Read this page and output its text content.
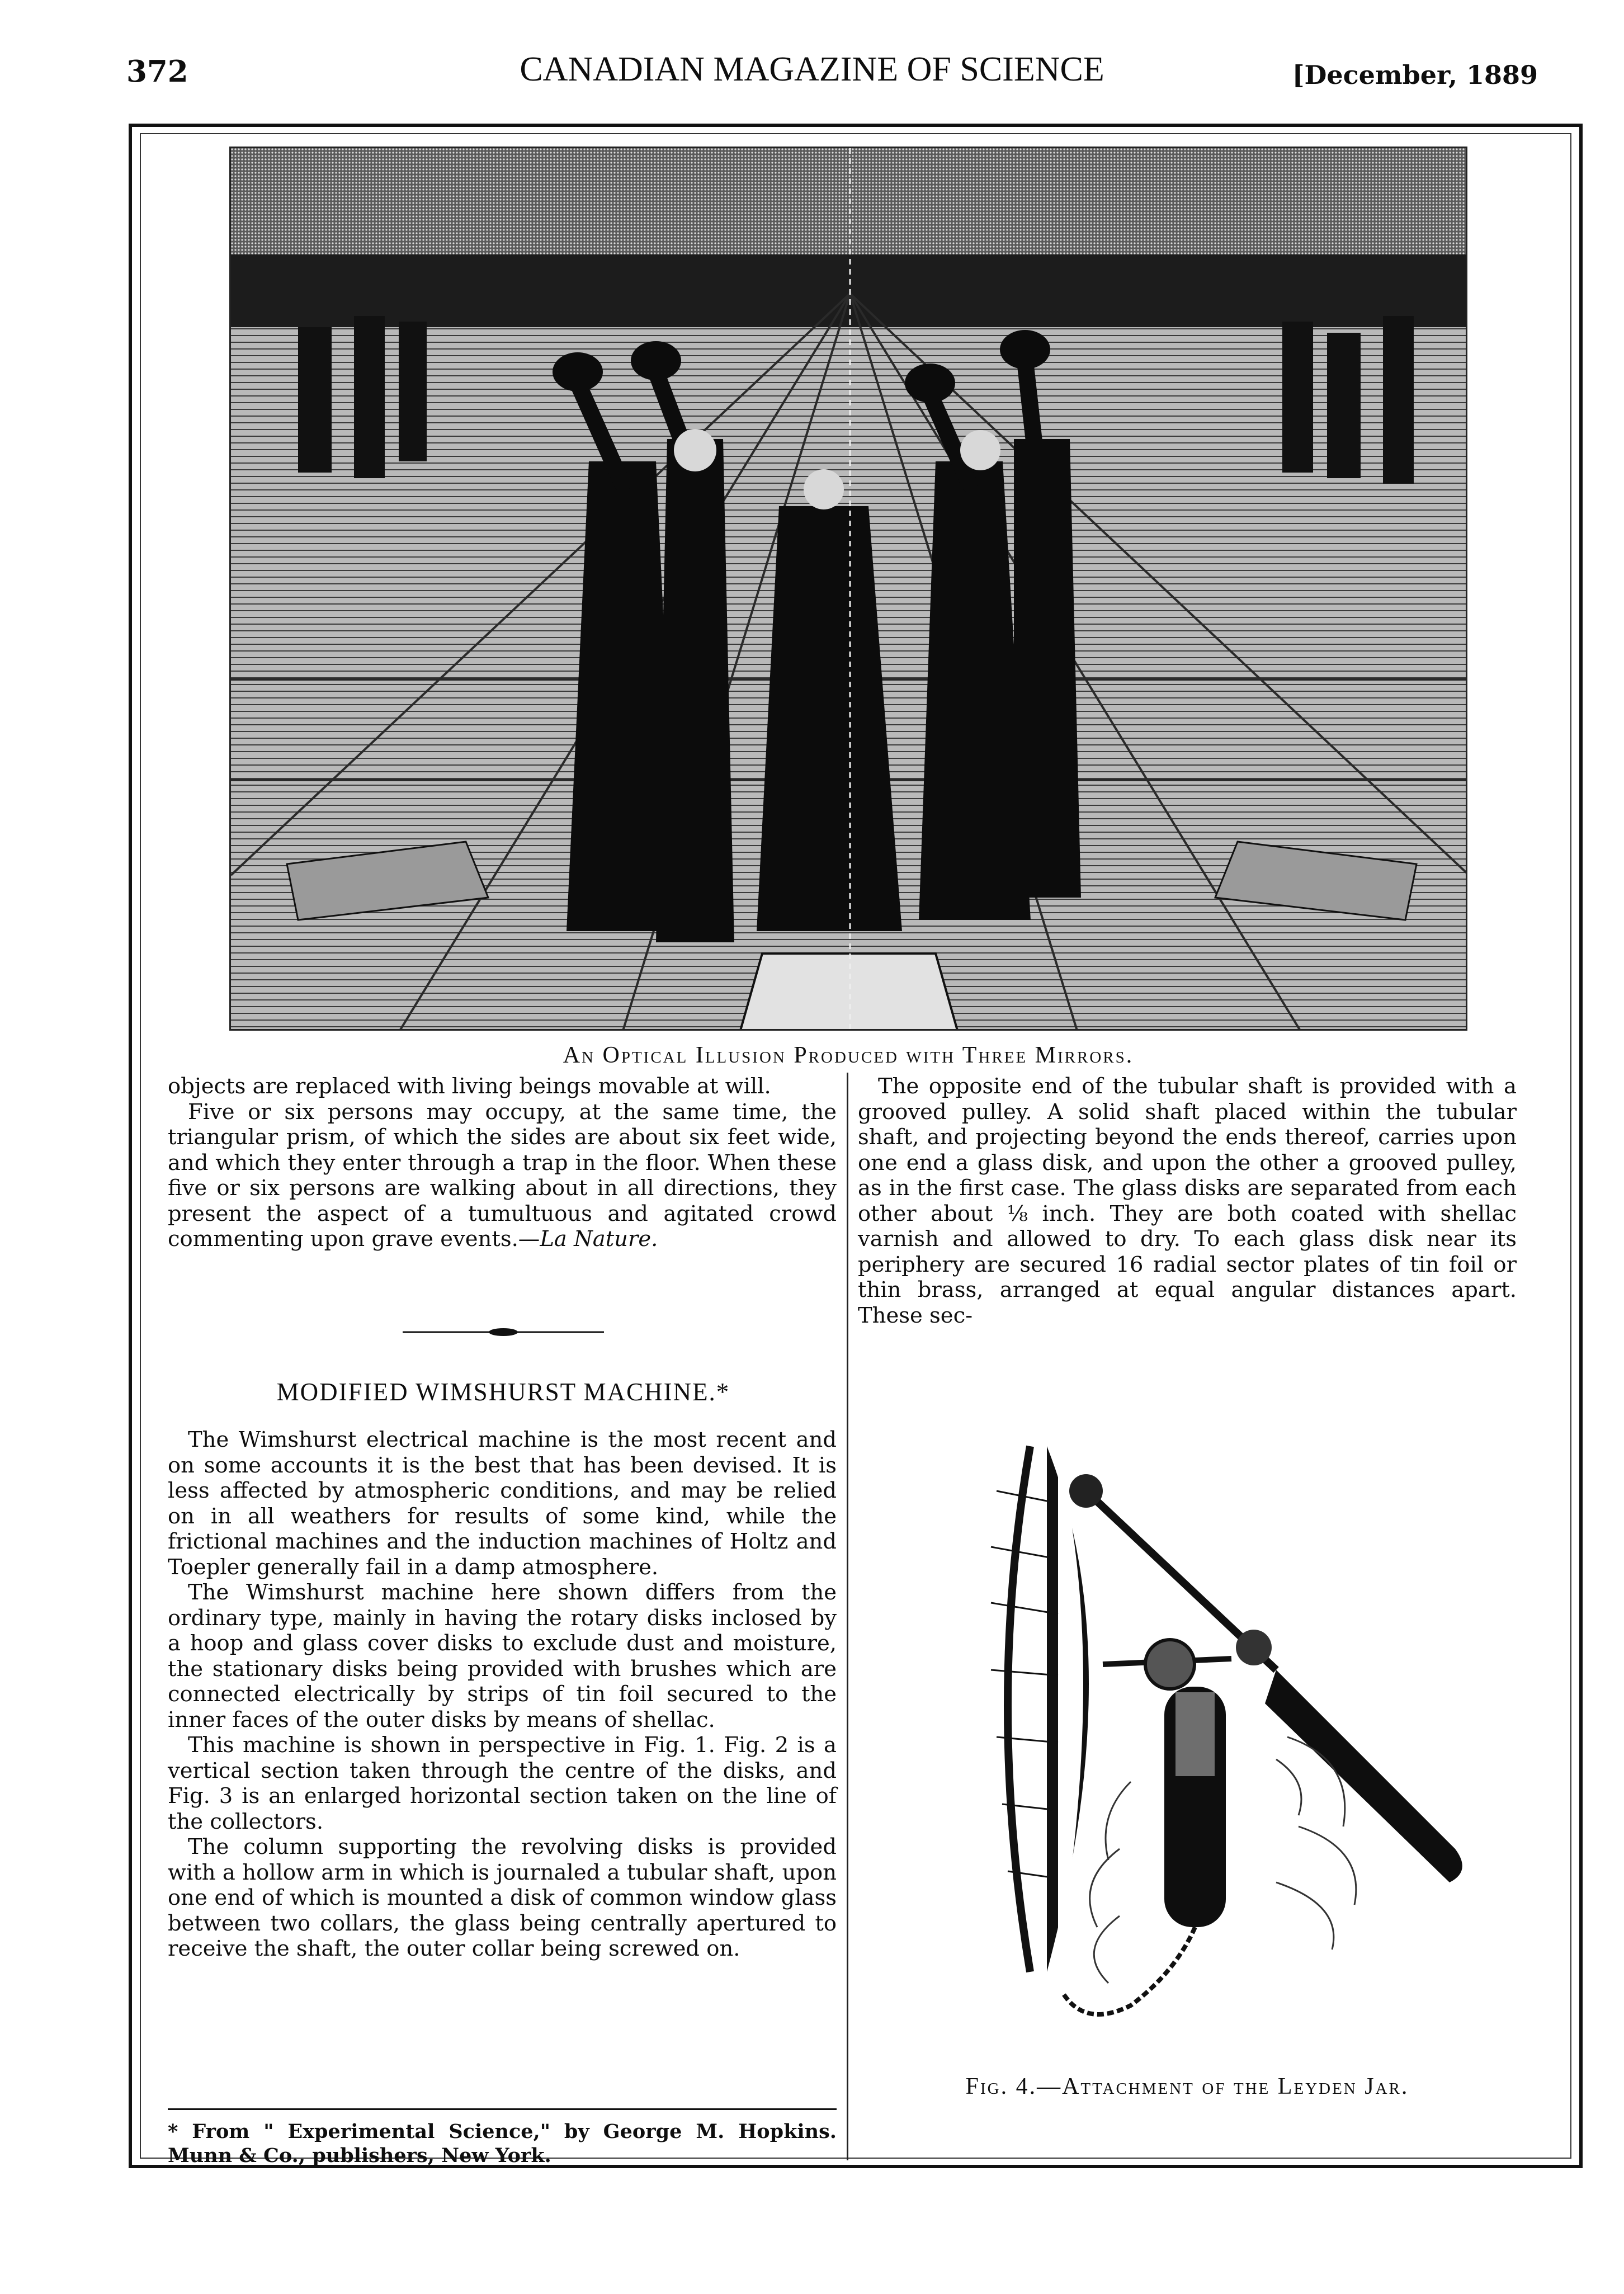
372	CANADIAN MAGAZINE OF SCIENCE	[December, 1889
An Optical Illusion Produced with Three Mirrors.

objects are replaced with living beings movable at will.

Five or six persons may occupy, at the same time, the triangular prism, of which the sides are about six feet wide, and which they enter through a trap in the floor. When these five or six persons are walking about in all directions, they present the aspect of a tumultuous and agitated crowd commenting upon grave events.—La Nature.

MODIFIED WIMSHURST MACHINE.*

The Wimshurst electrical machine is the most recent and on some accounts it is the best that has been devised. It is less affected by atmospheric conditions, and may be relied on in all weathers for results of some kind, while the frictional machines and the induction machines of Holtz and Toepler generally fail in a damp atmosphere.

The Wimshurst machine here shown differs from the ordinary type, mainly in having the rotary disks inclosed by a hoop and glass cover disks to exclude dust and moisture, the stationary disks being provided with brushes which are connected electrically by strips of tin foil secured to the inner faces of the outer disks by means of shellac.

This machine is shown in perspective in Fig. 1. Fig. 2 is a vertical section taken through the centre of the disks, and Fig. 3 is an enlarged horizontal section taken on the line of the collectors.

The column supporting the revolving disks is provided with a hollow arm in which is journaled a tubular shaft, upon one end of which is mounted a disk of common window glass between two collars, the glass being centrally apertured to receive the shaft, the outer collar being screwed on.

* From " Experimental Science," by George M. Hopkins. Munn & Co., publishers, New York.

The opposite end of the tubular shaft is provided with a grooved pulley. A solid shaft placed within the tubular shaft, and projecting beyond the ends thereof, carries upon one end a glass disk, and upon the other a grooved pulley, as in the first case. The glass disks are separated from each other about ⅛ inch. They are both coated with shellac varnish and allowed to dry. To each glass disk near its periphery are secured 16 radial sector plates of tin foil or thin brass, arranged at equal angular distances apart. These sec-

Fig. 4.—Attachment of the Leyden Jar.
